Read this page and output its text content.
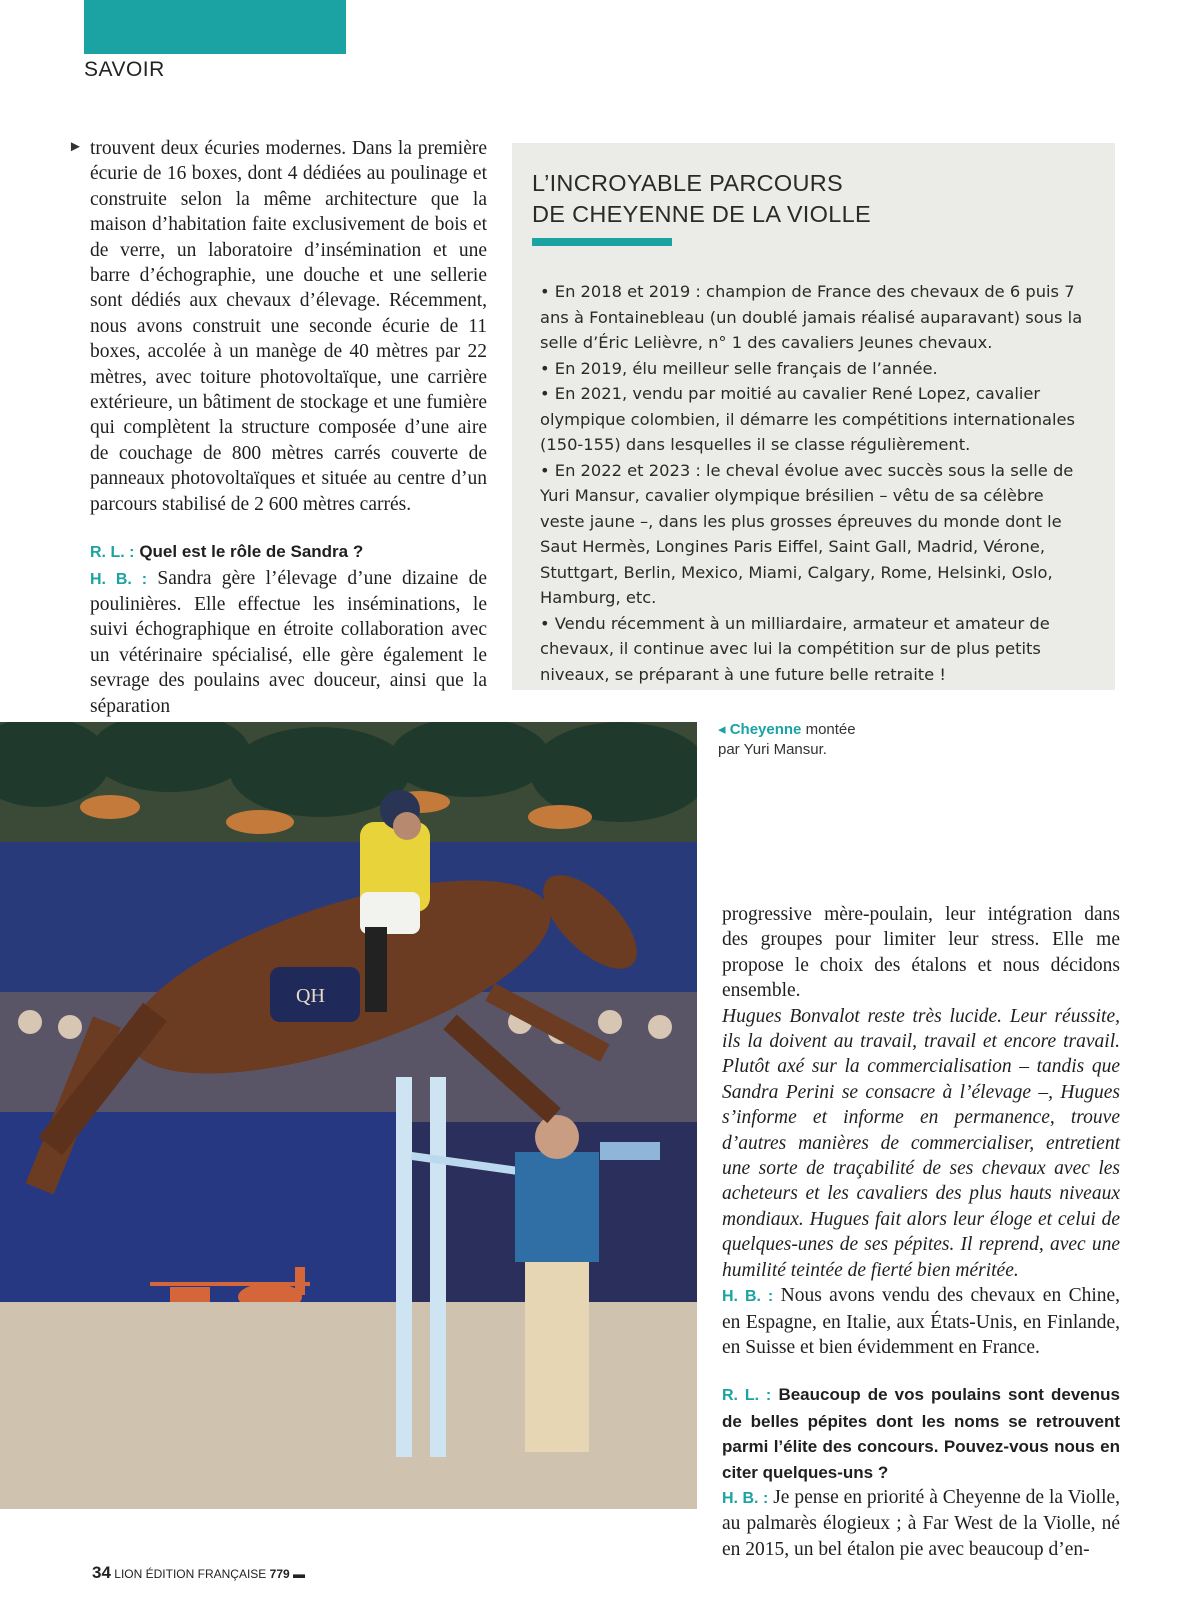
SAVOIR
► trouvent deux écuries modernes. Dans la première écurie de 16 boxes, dont 4 dédiées au poulinage et construite selon la même architecture que la maison d’habitation faite exclusivement de bois et de verre, un laboratoire d’insémination et une barre d’échographie, une douche et une sellerie sont dédiés aux chevaux d’élevage. Récemment, nous avons construit une seconde écurie de 11 boxes, accolée à un manège de 40 mètres par 22 mètres, avec toiture photovoltaïque, une carrière extérieure, un bâtiment de stockage et une fumière qui complètent la structure composée d’une aire de couchage de 800 mètres carrés couverte de panneaux photovoltaïques et située au centre d’un parcours stabilisé de 2 600 mètres carrés.

R. L. : Quel est le rôle de Sandra ?

H. B. : Sandra gère l’élevage d’une dizaine de poulinières. Elle effectue les inséminations, le suivi échographique en étroite collaboration avec un vétérinaire spécialisé, elle gère également le sevrage des poulains avec douceur, ainsi que la séparation

L’INCROYABLE PARCOURS
DE CHEYENNE DE LA VIOLLE
• En 2018 et 2019 : champion de France des chevaux de 6 puis 7 ans à Fontainebleau (un doublé jamais réalisé auparavant) sous la selle d’Éric Lelièvre, n° 1 des cavaliers Jeunes chevaux.
• En 2019, élu meilleur selle français de l’année.
• En 2021, vendu par moitié au cavalier René Lopez, cavalier olympique colombien, il démarre les compétitions internationales (150-155) dans lesquelles il se classe régulièrement.
• En 2022 et 2023 : le cheval évolue avec succès sous la selle de Yuri Mansur, cavalier olympique brésilien – vêtu de sa célèbre veste jaune –, dans les plus grosses épreuves du monde dont le Saut Hermès, Longines Paris Eiffel, Saint Gall, Madrid, Vérone, Stuttgart, Berlin, Mexico, Miami, Calgary, Rome, Helsinki, Oslo, Hamburg, etc.
• Vendu récemment à un milliardaire, armateur et amateur de chevaux, il continue avec lui la compétition sur de plus petits niveaux, se préparant à une future belle retraite !
◂ Cheyenne montée
par Yuri Mansur.
QH

progressive mère-poulain, leur intégration dans des groupes pour limiter leur stress. Elle me propose le choix des étalons et nous décidons ensemble.

Hugues Bonvalot reste très lucide. Leur réussite, ils la doivent au travail, travail et encore travail. Plutôt axé sur la commercialisation – tandis que Sandra Perini se consacre à l’élevage –, Hugues s’informe et informe en permanence, trouve d’autres manières de commercialiser, entretient une sorte de traçabilité de ses chevaux avec les acheteurs et les cavaliers des plus hauts niveaux mondiaux. Hugues fait alors leur éloge et celui de quelques-unes de ses pépites. Il reprend, avec une humilité teintée de fierté bien méritée.

H. B. : Nous avons vendu des chevaux en Chine, en Espagne, en Italie, aux États-Unis, en Finlande, en Suisse et bien évidemment en France.

R. L. : Beaucoup de vos poulains sont devenus de belles pépites dont les noms se retrouvent parmi l’élite des concours. Pouvez-vous nous en citer quelques-uns ?

H. B. : Je pense en priorité à Cheyenne de la Violle, au palmarès élogieux ; à Far West de la Violle, né en 2015, un bel étalon pie avec beaucoup d’en-

34 LION ÉDITION FRANÇAISE 779 ▬
